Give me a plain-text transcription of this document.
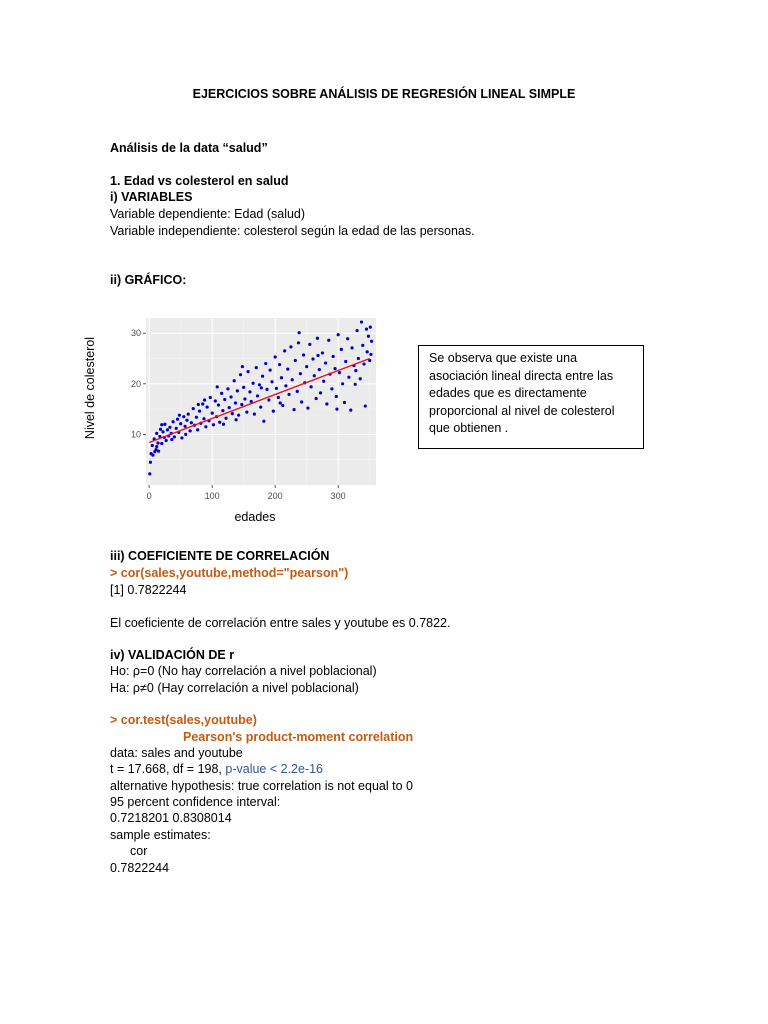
EJERCICIOS SOBRE ANÁLISIS DE REGRESIÓN LINEAL SIMPLE
Análisis de la data “salud”
1. Edad vs colesterol en salud
i) VARIABLES
Variable dependiente: Edad (salud)
Variable independiente: colesterol según la edad de las personas.
ii) GRÁFICO:
Nivel de colesterol
0	100	200	300
10
20
30
edades
Se observa que existe una asociación lineal directa entre las edades que es directamente proporcional al nivel de colesterol que obtienen .
iii) COEFICIENTE DE CORRELACIÓN
> cor(sales,youtube,method="pearson")
[1] 0.7822244
El coeficiente de correlación entre sales y youtube es 0.7822.
iv) VALIDACIÓN DE r
Ho: ρ=0 (No hay correlación a nivel poblacional)
Ha: ρ≠0 (Hay correlación a nivel poblacional)
> cor.test(sales,youtube)
Pearson's product-moment correlation
data: sales and youtube
t = 17.668, df = 198, p-value < 2.2e-16
alternative hypothesis: true correlation is not equal to 0
95 percent confidence interval:
0.7218201 0.8308014
sample estimates:
cor
0.7822244
